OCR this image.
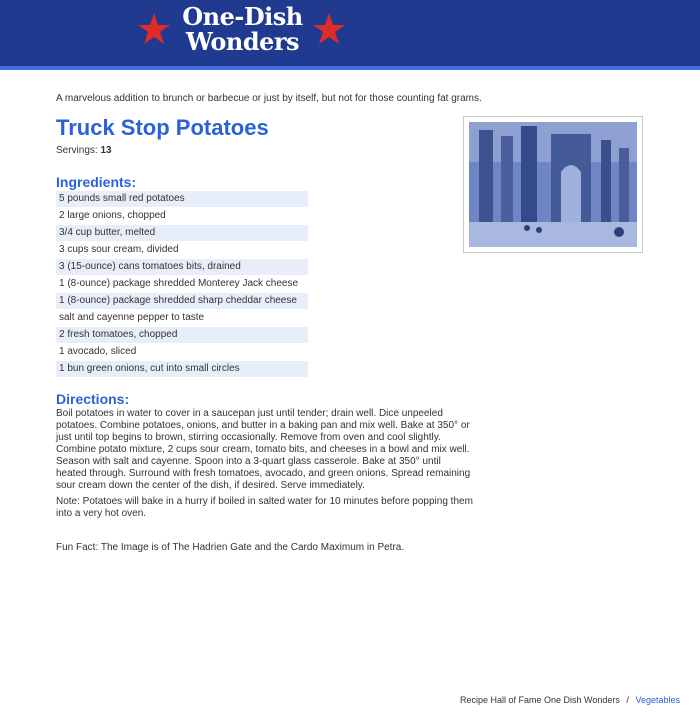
One-Dish
Wonders
A marvelous addition to brunch or barbecue or just by itself, but not for those counting fat grams.
Truck Stop Potatoes
Servings: 13
Ingredients:
5 pounds small red potatoes
2 large onions, chopped
3/4 cup butter, melted
3 cups sour cream, divided
3 (15-ounce) cans tomatoes bits, drained
1 (8-ounce) package shredded Monterey Jack cheese
1 (8-ounce) package shredded sharp cheddar cheese
salt and cayenne pepper to taste
2 fresh tomatoes, chopped
1 avocado, sliced
1 bun green onions, cut into small circles
Directions:

Boil potatoes in water to cover in a saucepan just until tender; drain well. Dice unpeeled potatoes. Combine potatoes, onions, and butter in a baking pan and mix well. Bake at 350° or just until top begins to brown, stirring occasionally. Remove from oven and cool slightly. Combine potato mixture, 2 cups sour cream, tomato bits, and cheeses in a bowl and mix well. Season with salt and cayenne. Spoon into a 3-quart glass casserole. Bake at 350° until heated through. Surround with fresh tomatoes, avocado, and green onions. Spread remaining sour cream down the center of the dish, if desired. Serve immediately.

Note: Potatoes will bake in a hurry if boiled in salted water for 10 minutes before popping them into a very hot oven.

Fun Fact: The Image is of The Hadrien Gate and the Cardo Maximum in Petra.

Recipe Hall of Fame One Dish Wonders / Vegetables
